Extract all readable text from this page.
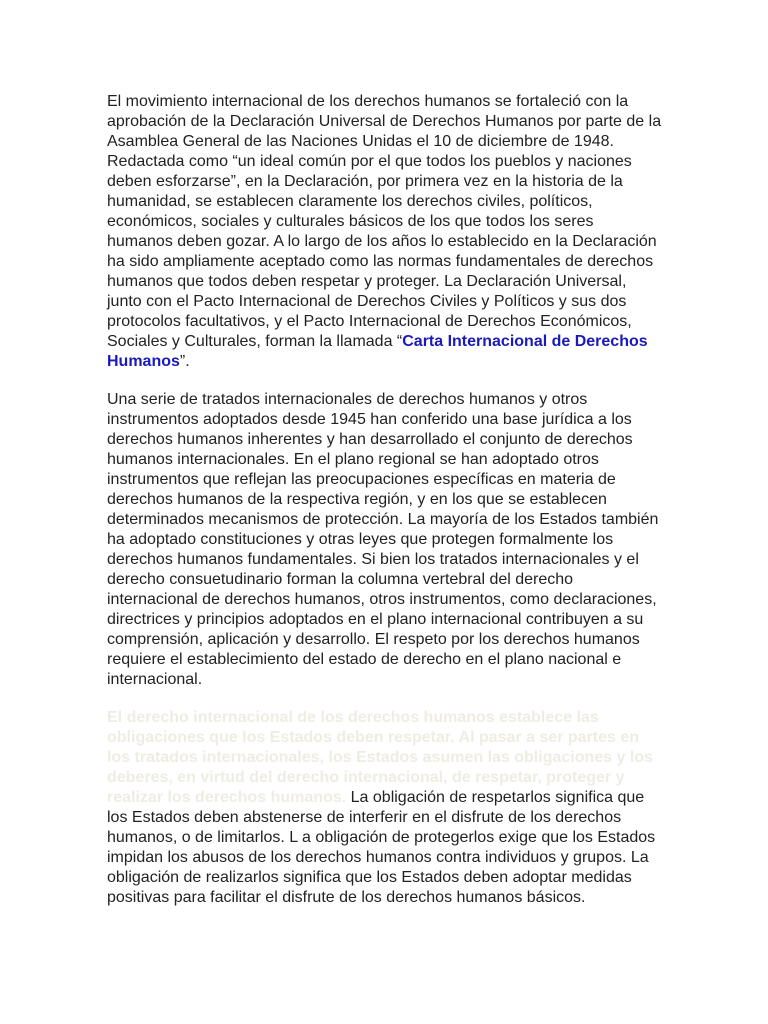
El movimiento internacional de los derechos humanos se fortaleció con la aprobación de la Declaración Universal de Derechos Humanos por parte de la Asamblea General de las Naciones Unidas el 10 de diciembre de 1948. Redactada como “un ideal común por el que todos los pueblos y naciones deben esforzarse”, en la Declaración, por primera vez en la historia de la humanidad, se establecen claramente los derechos civiles, políticos, económicos, sociales y culturales básicos de los que todos los seres humanos deben gozar. A lo largo de los años lo establecido en la Declaración ha sido ampliamente aceptado como las normas fundamentales de derechos humanos que todos deben respetar y proteger. La Declaración Universal, junto con el Pacto Internacional de Derechos Civiles y Políticos y sus dos protocolos facultativos, y el Pacto Internacional de Derechos Económicos, Sociales y Culturales, forman la llamada “Carta Internacional de Derechos Humanos”.

Una serie de tratados internacionales de derechos humanos y otros instrumentos adoptados desde 1945 han conferido una base jurídica a los derechos humanos inherentes y han desarrollado el conjunto de derechos humanos internacionales. En el plano regional se han adoptado otros instrumentos que reflejan las preocupaciones específicas en materia de derechos humanos de la respectiva región, y en los que se establecen determinados mecanismos de protección. La mayoría de los Estados también ha adoptado constituciones y otras leyes que protegen formalmente los derechos humanos fundamentales. Si bien los tratados internacionales y el derecho consuetudinario forman la columna vertebral del derecho internacional de derechos humanos, otros instrumentos, como declaraciones, directrices y principios adoptados en el plano internacional contribuyen a su comprensión, aplicación y desarrollo. El respeto por los derechos humanos requiere el establecimiento del estado de derecho en el plano nacional e internacional.

El derecho internacional de los derechos humanos establece las obligaciones que los Estados deben respetar. Al pasar a ser partes en los tratados internacionales, los Estados asumen las obligaciones y los deberes, en virtud del derecho internacional, de respetar, proteger y realizar los derechos humanos. La obligación de respetarlos significa que los Estados deben abstenerse de interferir en el disfrute de los derechos humanos, o de limitarlos. L a obligación de protegerlos exige que los Estados impidan los abusos de los derechos humanos contra individuos y grupos. La obligación de realizarlos significa que los Estados deben adoptar medidas positivas para facilitar el disfrute de los derechos humanos básicos.
